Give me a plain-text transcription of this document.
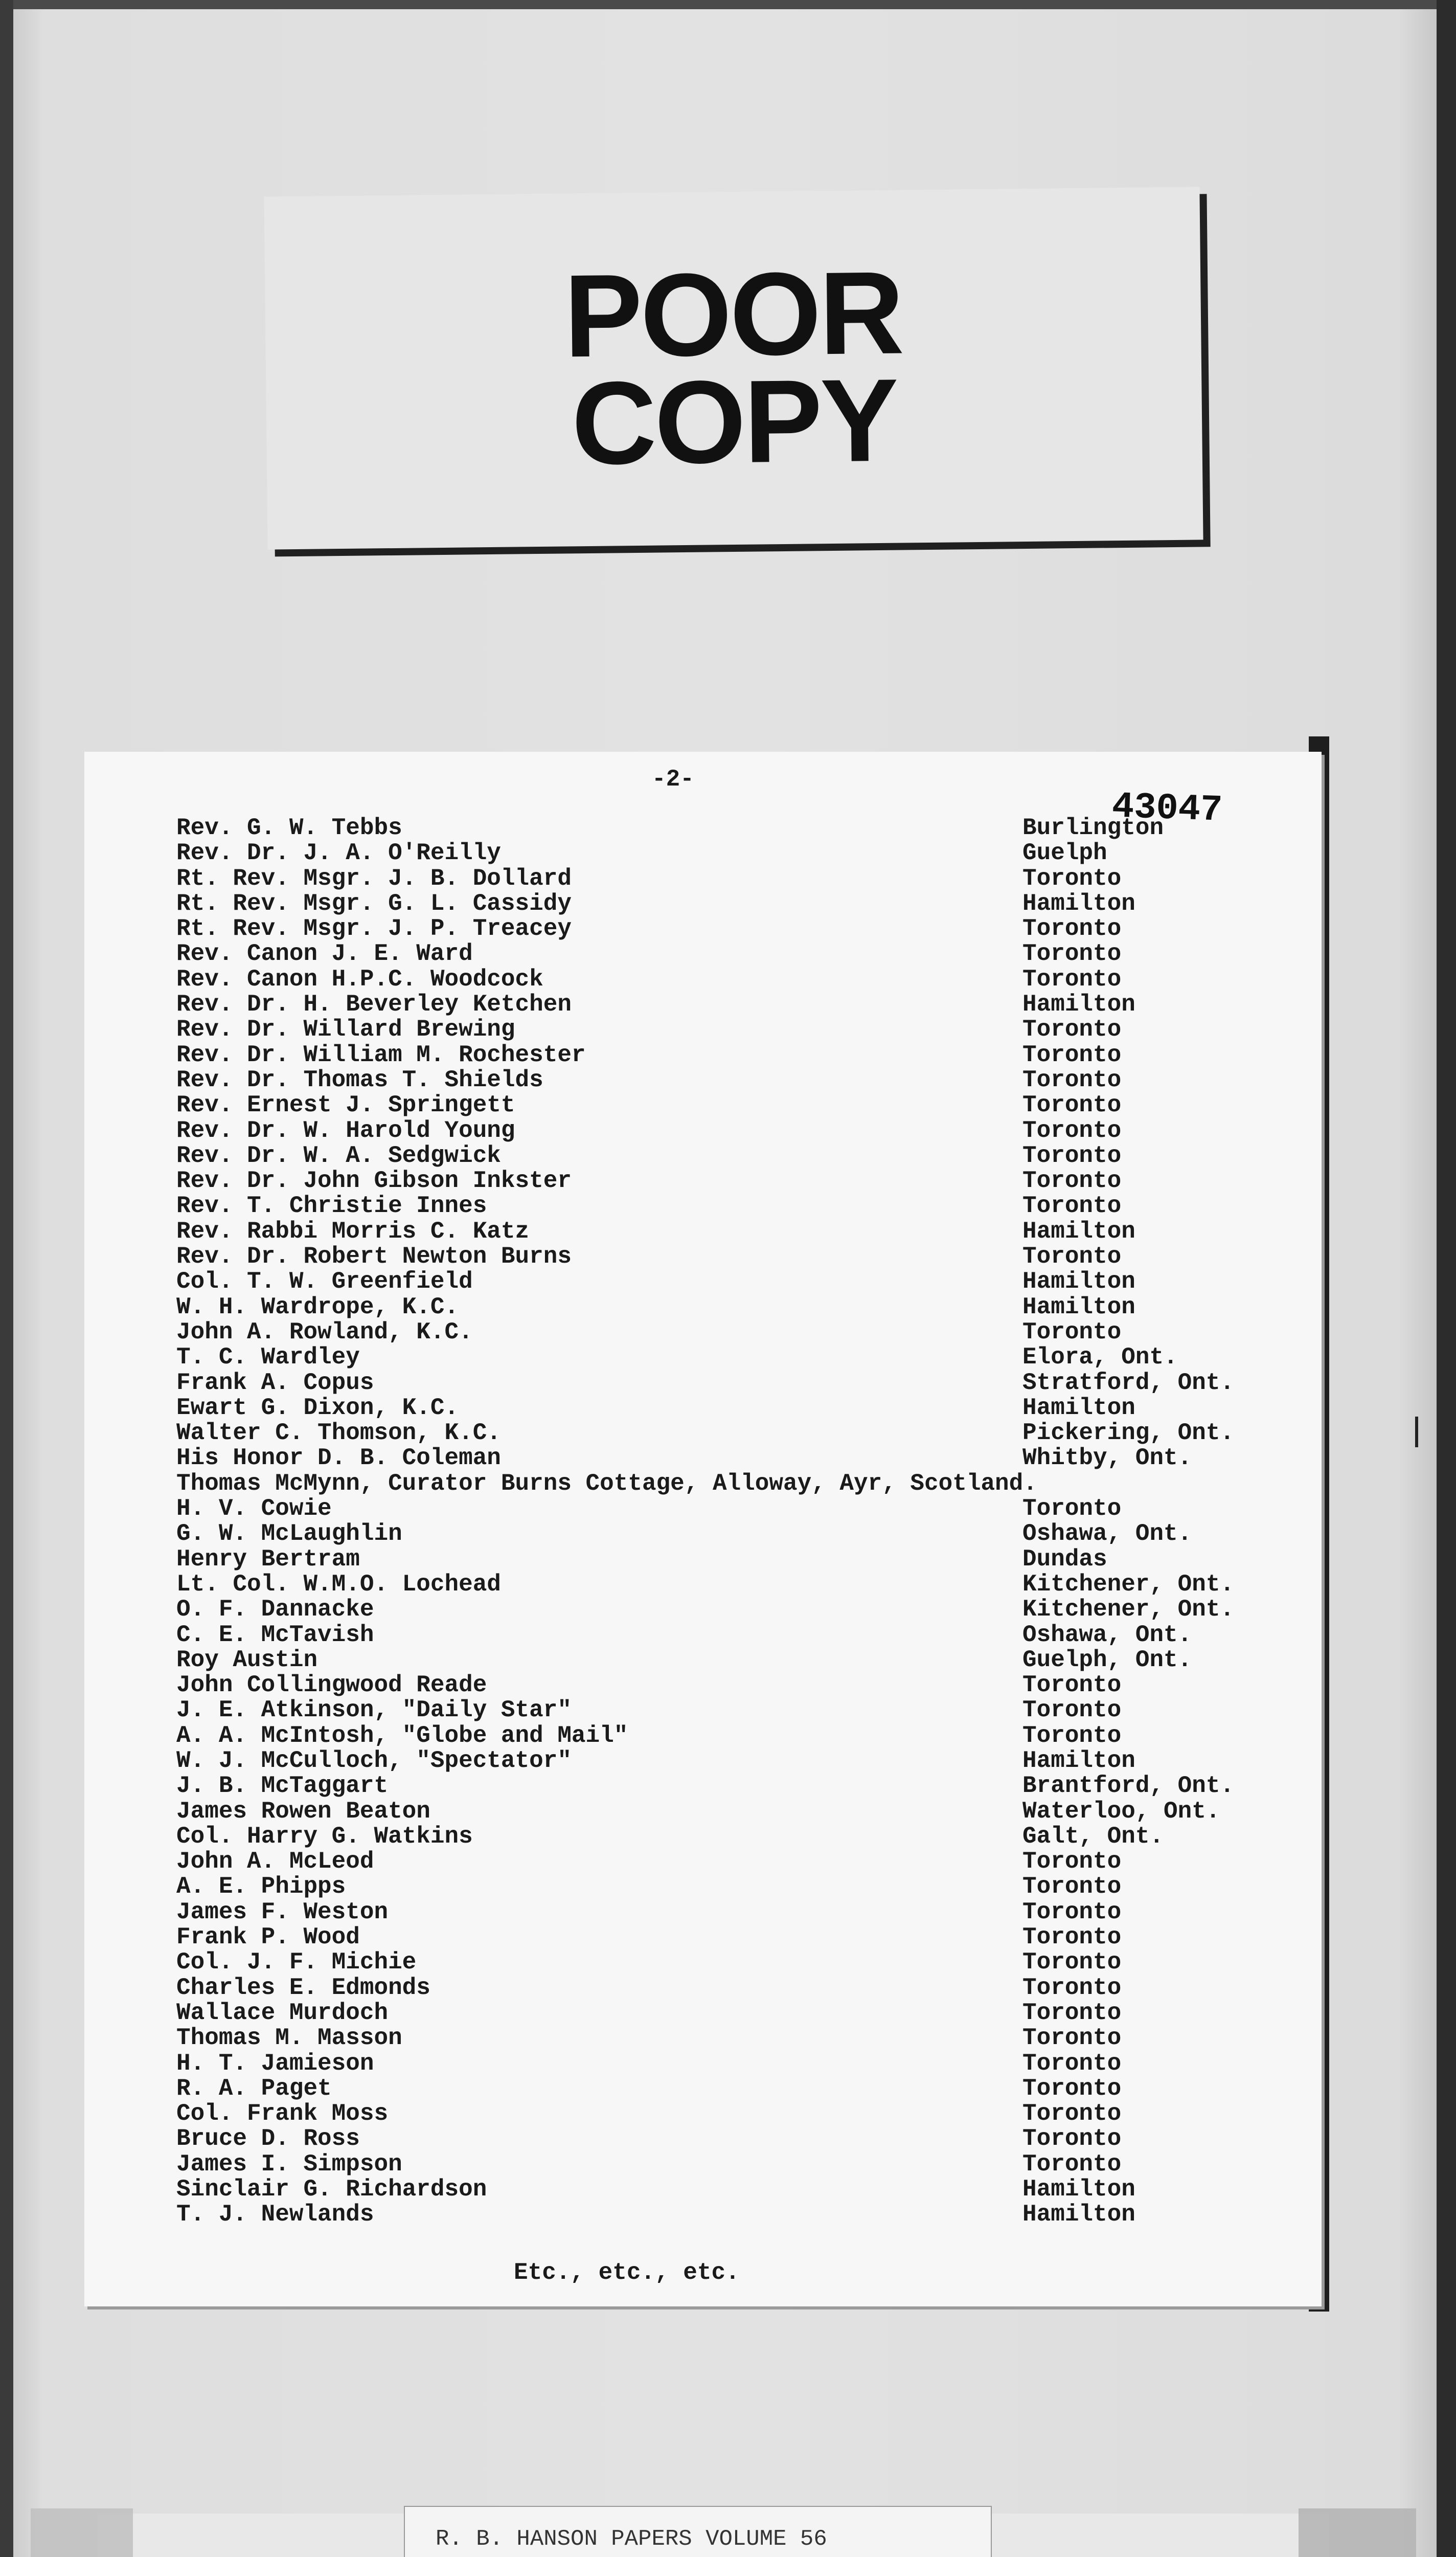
POOR
COPY
-2-
43047
Rev. G. W. Tebbs	Burlington
Rev. Dr. J. A. O'Reilly	Guelph
Rt. Rev. Msgr. J. B. Dollard	Toronto
Rt. Rev. Msgr. G. L. Cassidy	Hamilton
Rt. Rev. Msgr. J. P. Treacey	Toronto
Rev. Canon J. E. Ward	Toronto
Rev. Canon H.P.C. Woodcock	Toronto
Rev. Dr. H. Beverley Ketchen	Hamilton
Rev. Dr. Willard Brewing	Toronto
Rev. Dr. William M. Rochester	Toronto
Rev. Dr. Thomas T. Shields	Toronto
Rev. Ernest J. Springett	Toronto
Rev. Dr. W. Harold Young	Toronto
Rev. Dr. W. A. Sedgwick	Toronto
Rev. Dr. John Gibson Inkster	Toronto
Rev. T. Christie Innes	Toronto
Rev. Rabbi Morris C. Katz	Hamilton
Rev. Dr. Robert Newton Burns	Toronto
Col. T. W. Greenfield	Hamilton
W. H. Wardrope, K.C.	Hamilton
John A. Rowland, K.C.	Toronto
T. C. Wardley	Elora, Ont.
Frank A. Copus	Stratford, Ont.
Ewart G. Dixon, K.C.	Hamilton
Walter C. Thomson, K.C.	Pickering, Ont.
His Honor D. B. Coleman	Whitby, Ont.
Thomas McMynn, Curator Burns Cottage, Alloway, Ayr, Scotland.
H. V. Cowie	Toronto
G. W. McLaughlin	Oshawa, Ont.
Henry Bertram	Dundas
Lt. Col. W.M.O. Lochead	Kitchener, Ont.
O. F. Dannacke	Kitchener, Ont.
C. E. McTavish	Oshawa, Ont.
Roy Austin	Guelph, Ont.
John Collingwood Reade	Toronto
J. E. Atkinson, "Daily Star"	Toronto
A. A. McIntosh, "Globe and Mail"	Toronto
W. J. McCulloch, "Spectator"	Hamilton
J. B. McTaggart	Brantford, Ont.
James Rowen Beaton	Waterloo, Ont.
Col. Harry G. Watkins	Galt, Ont.
John A. McLeod	Toronto
A. E. Phipps	Toronto
James F. Weston	Toronto
Frank P. Wood	Toronto
Col. J. F. Michie	Toronto
Charles E. Edmonds	Toronto
Wallace Murdoch	Toronto
Thomas M. Masson	Toronto
H. T. Jamieson	Toronto
R. A. Paget	Toronto
Col. Frank Moss	Toronto
Bruce D. Ross	Toronto
James I. Simpson	Toronto
Sinclair G. Richardson	Hamilton
T. J. Newlands	Hamilton
Etc., etc., etc.
R. B. HANSON PAPERS VOLUME 56
